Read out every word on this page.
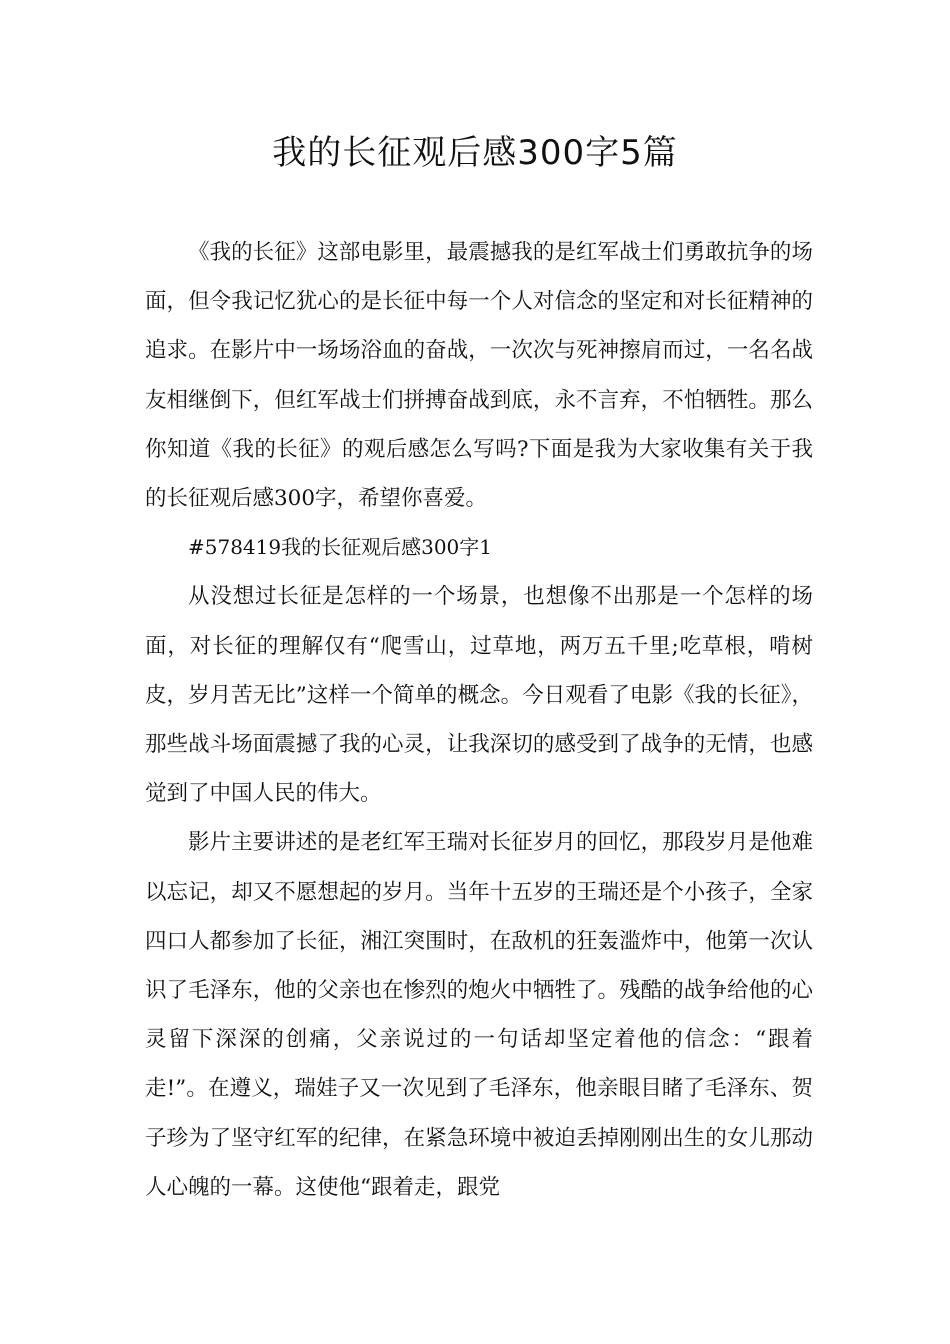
我的长征观后感300字5篇

《我的长征》这部电影里，最震撼我的是红军战士们勇敢抗争的场面，但令我记忆犹心的是长征中每一个人对信念的坚定和对长征精神的追求。在影片中一场场浴血的奋战，一次次与死神擦肩而过，一名名战友相继倒下，但红军战士们拼搏奋战到底，永不言弃，不怕牺牲。那么你知道《我的长征》的观后感怎么写吗?下面是我为大家收集有关于我的长征观后感300字，希望你喜爱。

#578419我的长征观后感300字1

从没想过长征是怎样的一个场景，也想像不出那是一个怎样的场面，对长征的理解仅有“爬雪山，过草地，两万五千里;吃草根，啃树皮，岁月苦无比”这样一个简单的概念。今日观看了电影《我的长征》，那些战斗场面震撼了我的心灵，让我深切的感受到了战争的无情，也感觉到了中国人民的伟大。

影片主要讲述的是老红军王瑞对长征岁月的回忆，那段岁月是他难以忘记，却又不愿想起的岁月。当年十五岁的王瑞还是个小孩子，全家四口人都参加了长征，湘江突围时，在敌机的狂轰滥炸中，他第一次认识了毛泽东，他的父亲也在惨烈的炮火中牺牲了。残酷的战争给他的心灵留下深深的创痛，父亲说过的一句话却坚定着他的信念：“跟着走!”。在遵义，瑞娃子又一次见到了毛泽东，他亲眼目睹了毛泽东、贺子珍为了坚守红军的纪律，在紧急环境中被迫丢掉刚刚出生的女儿那动人心魄的一幕。这使他“跟着走，跟党
